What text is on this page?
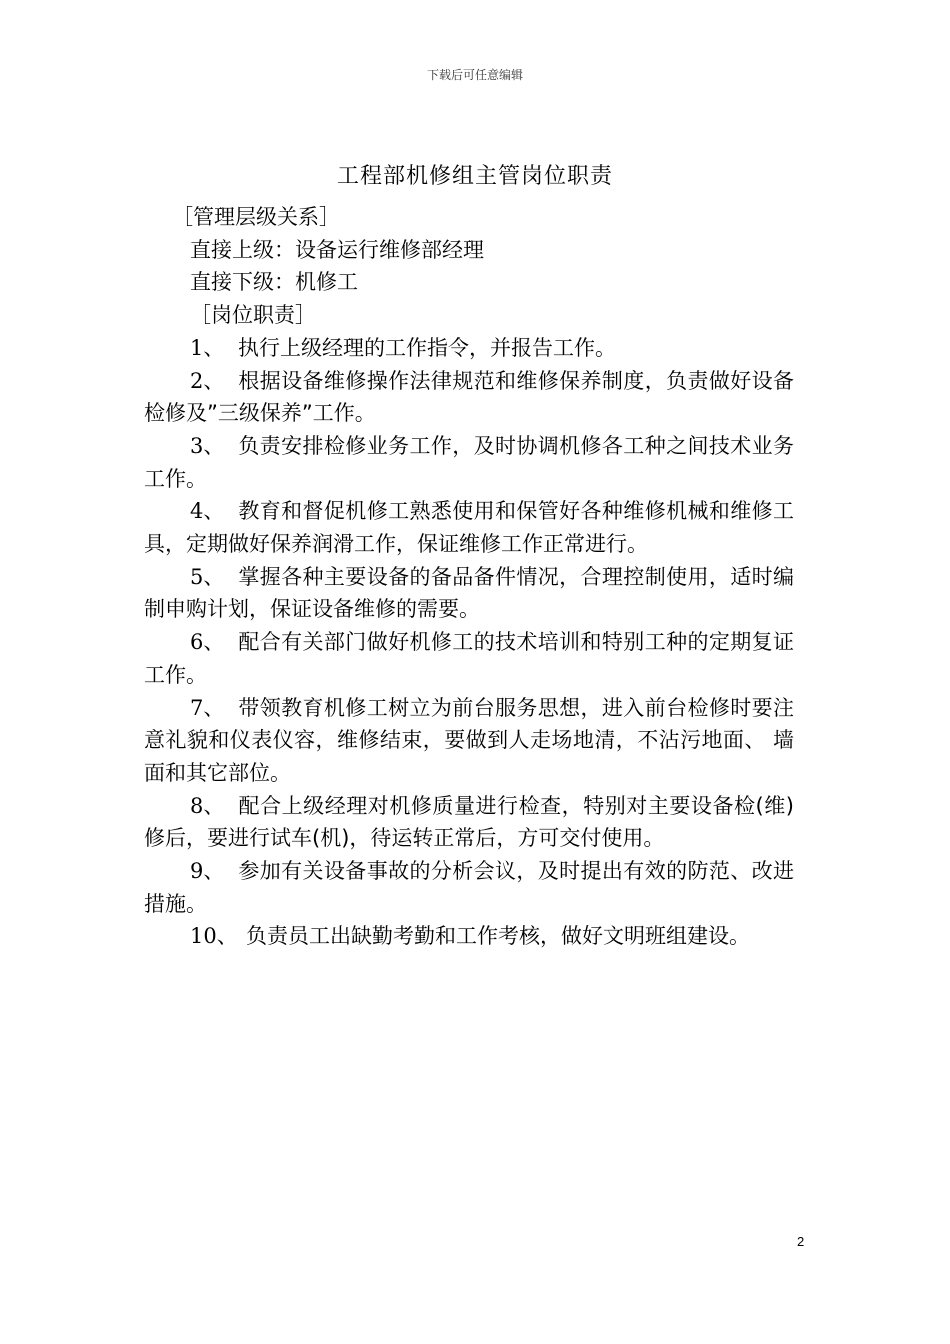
下载后可任意编辑
工程部机修组主管岗位职责
［管理层级关系］
直接上级：设备运行维修部经理
直接下级：机修工
［岗位职责］
1、 执行上级经理的工作指令，并报告工作。
2、 根据设备维修操作法律规范和维修保养制度，负责做好设备检修及”三级保养”工作。
3、 负责安排检修业务工作，及时协调机修各工种之间技术业务工作。
4、 教育和督促机修工熟悉使用和保管好各种维修机械和维修工具，定期做好保养润滑工作，保证维修工作正常进行。
5、 掌握各种主要设备的备品备件情况，合理控制使用，适时编制申购计划，保证设备维修的需要。
6、 配合有关部门做好机修工的技术培训和特别工种的定期复证工作。
7、 带领教育机修工树立为前台服务思想，进入前台检修时要注意礼貌和仪表仪容，维修结束，要做到人走场地清，不沾污地面、 墙面和其它部位。
8、 配合上级经理对机修质量进行检查，特别对主要设备检(维)修后，要进行试车(机)，待运转正常后，方可交付使用。
9、 参加有关设备事故的分析会议，及时提出有效的防范、改进措施。
10、 负责员工出缺勤考勤和工作考核，做好文明班组建设。
2
